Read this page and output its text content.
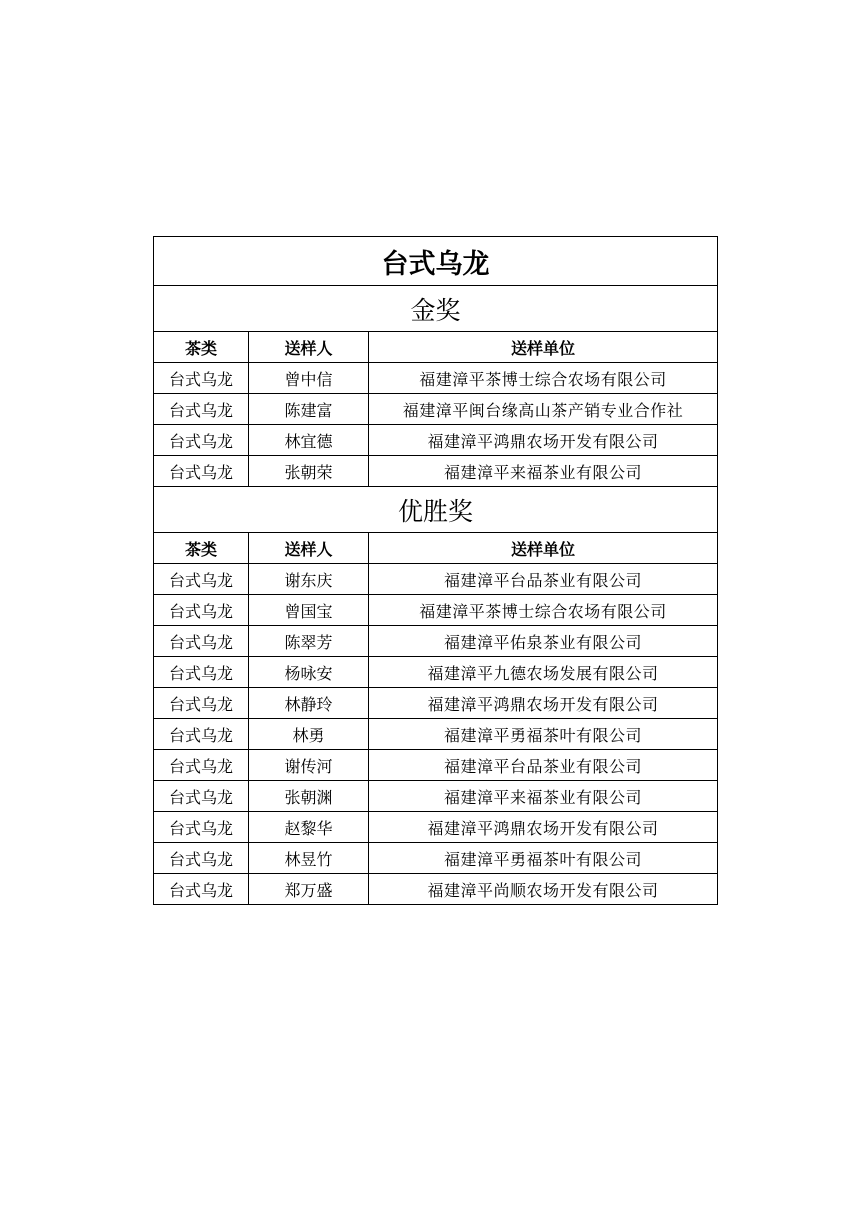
台式乌龙		
金奖		
茶类	送样人	送样单位
台式乌龙	曾中信	福建漳平茶博士综合农场有限公司
台式乌龙	陈建富	福建漳平闽台缘高山茶产销专业合作社
台式乌龙	林宜德	福建漳平鸿鼎农场开发有限公司
台式乌龙	张朝荣	福建漳平来福茶业有限公司
优胜奖		
茶类	送样人	送样单位
台式乌龙	谢东庆	福建漳平台品茶业有限公司
台式乌龙	曾国宝	福建漳平茶博士综合农场有限公司
台式乌龙	陈翠芳	福建漳平佑泉茶业有限公司
台式乌龙	杨咏安	福建漳平九德农场发展有限公司
台式乌龙	林静玲	福建漳平鸿鼎农场开发有限公司
台式乌龙	林勇	福建漳平勇福茶叶有限公司
台式乌龙	谢传河	福建漳平台品茶业有限公司
台式乌龙	张朝渊	福建漳平来福茶业有限公司
台式乌龙	赵黎华	福建漳平鸿鼎农场开发有限公司
台式乌龙	林昱竹	福建漳平勇福茶叶有限公司
台式乌龙	郑万盛	福建漳平尚顺农场开发有限公司
